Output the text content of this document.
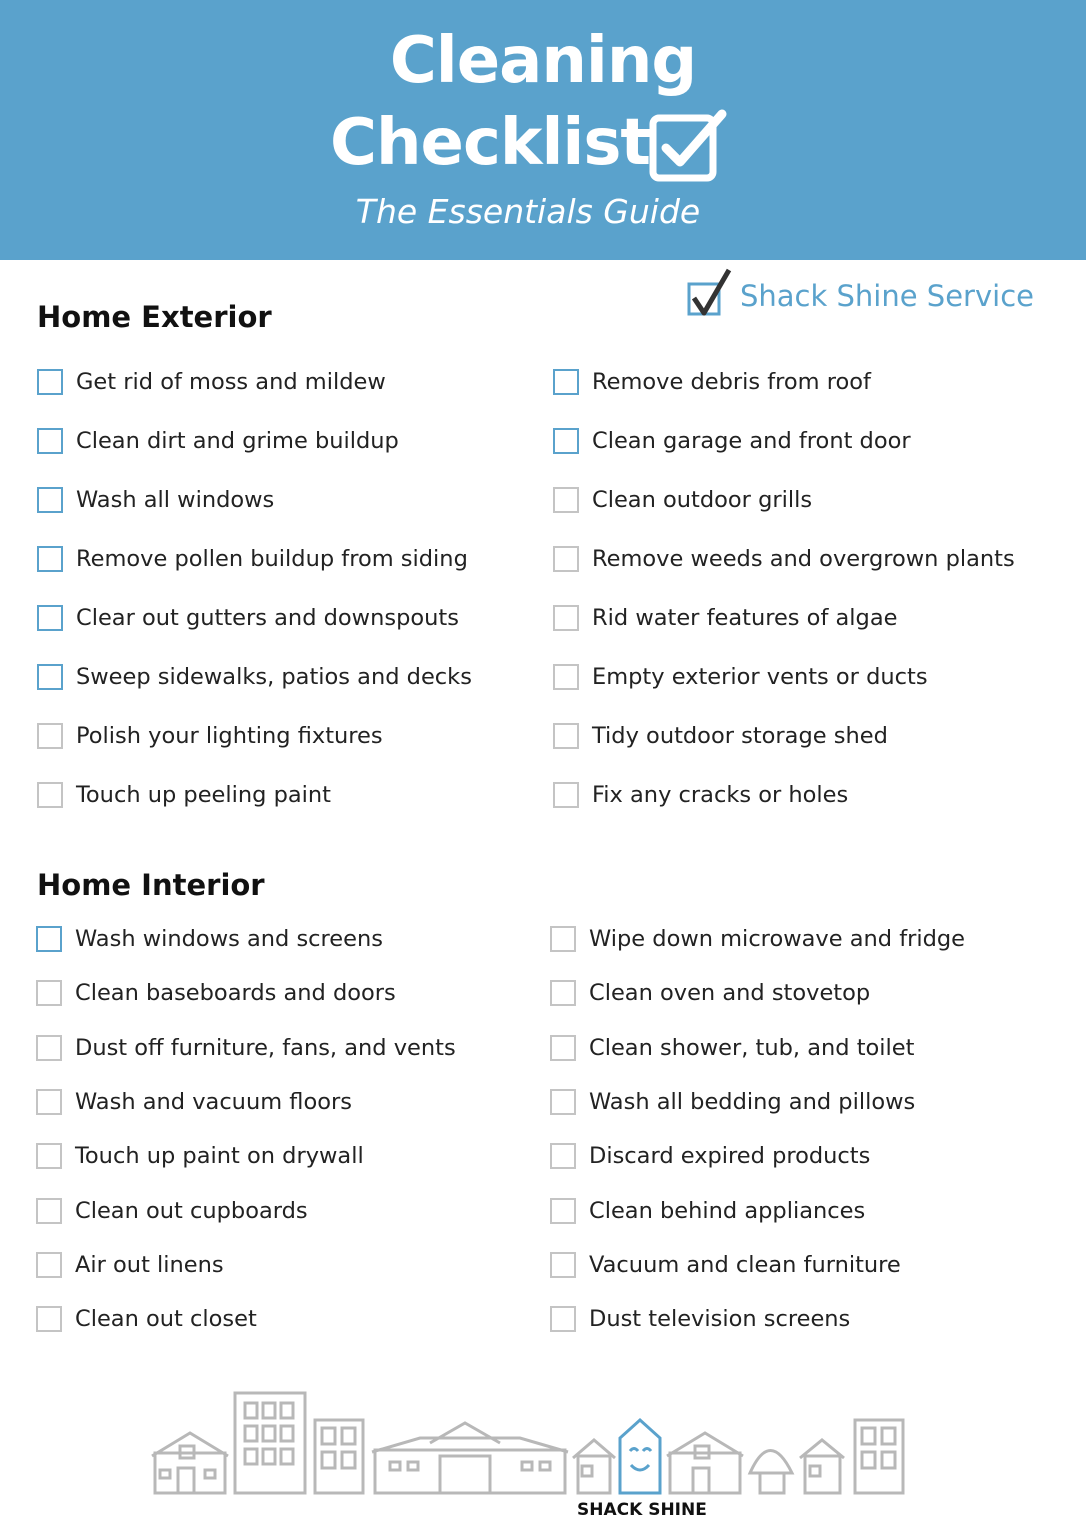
Cleaning
Checklist
The Essentials Guide
Shack Shine Service
Home Exterior
Get rid of moss and mildew
Clean dirt and grime buildup
Wash all windows
Remove pollen buildup from siding
Clear out gutters and downspouts
Sweep sidewalks, patios and decks
Polish your lighting fixtures
Touch up peeling paint
Remove debris from roof
Clean garage and front door
Clean outdoor grills
Remove weeds and overgrown plants
Rid water features of algae
Empty exterior vents or ducts
Tidy outdoor storage shed
Fix any cracks or holes
Home Interior
Wash windows and screens
Clean baseboards and doors
Dust off furniture, fans, and vents
Wash and vacuum floors
Touch up paint on drywall
Clean out cupboards
Air out linens
Clean out closet
Wipe down microwave and fridge
Clean oven and stovetop
Clean shower, tub, and toilet
Wash all bedding and pillows
Discard expired products
Clean behind appliances
Vacuum and clean furniture
Dust television screens
SHACK SHINE
